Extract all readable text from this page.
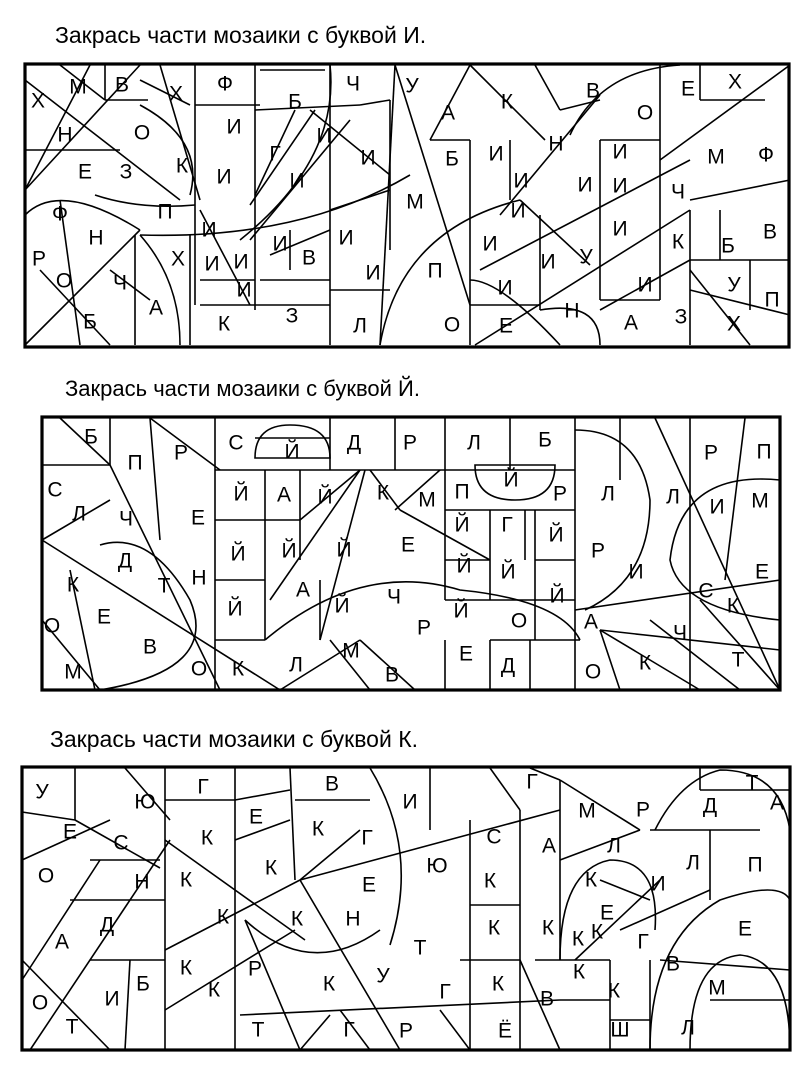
Закрась части мозаики с буквой И.
Х
М В Х Ф	Ч У
А К	В	Е Х
Н	О
Б
И	И
О
Е З К
Г	И	Б И Н И	М Ф
И	И	И И И Ч
М
Ф	П
Н	И
И
И	И
К Б
В
Р
О
Х И И
И
В
И
И У
Ч
А
И
И П
И	И	У
Б	К	З	Л	О Е
Н
А З Х
П
Закрась части мозаики с буквой Й.
Б
П Р С Й Д Р Л	Б
Р П
С
Л Ч	Е
Й А Й К М П
Й
Р Л Л И М
Й Г Й
Й Й Й Е	Р
Д	Й Й	И	Е
К	Т Н
А	Й	С
К
Е	Й	Й Ч
Й
О	Р	О	А
В	М	Е
Ч
М	О К Л	В	Д	О К	Т
Закрась части мозаики с буквой К.
У	Ю
Г	В
И
Г	Т
А
Е С
Е
К
М Р	Д
К	Г	С А Л
Н К
К	Ю	Л П
О	Е	К	К	И
Д	К	К Н	Е
К
А	Т
К К К	Г
Е
К	Р	В
К
Б	К	К У	К
Г	В	К	М
О	И
Т	Т	Г Р	Ё	Ш Л
